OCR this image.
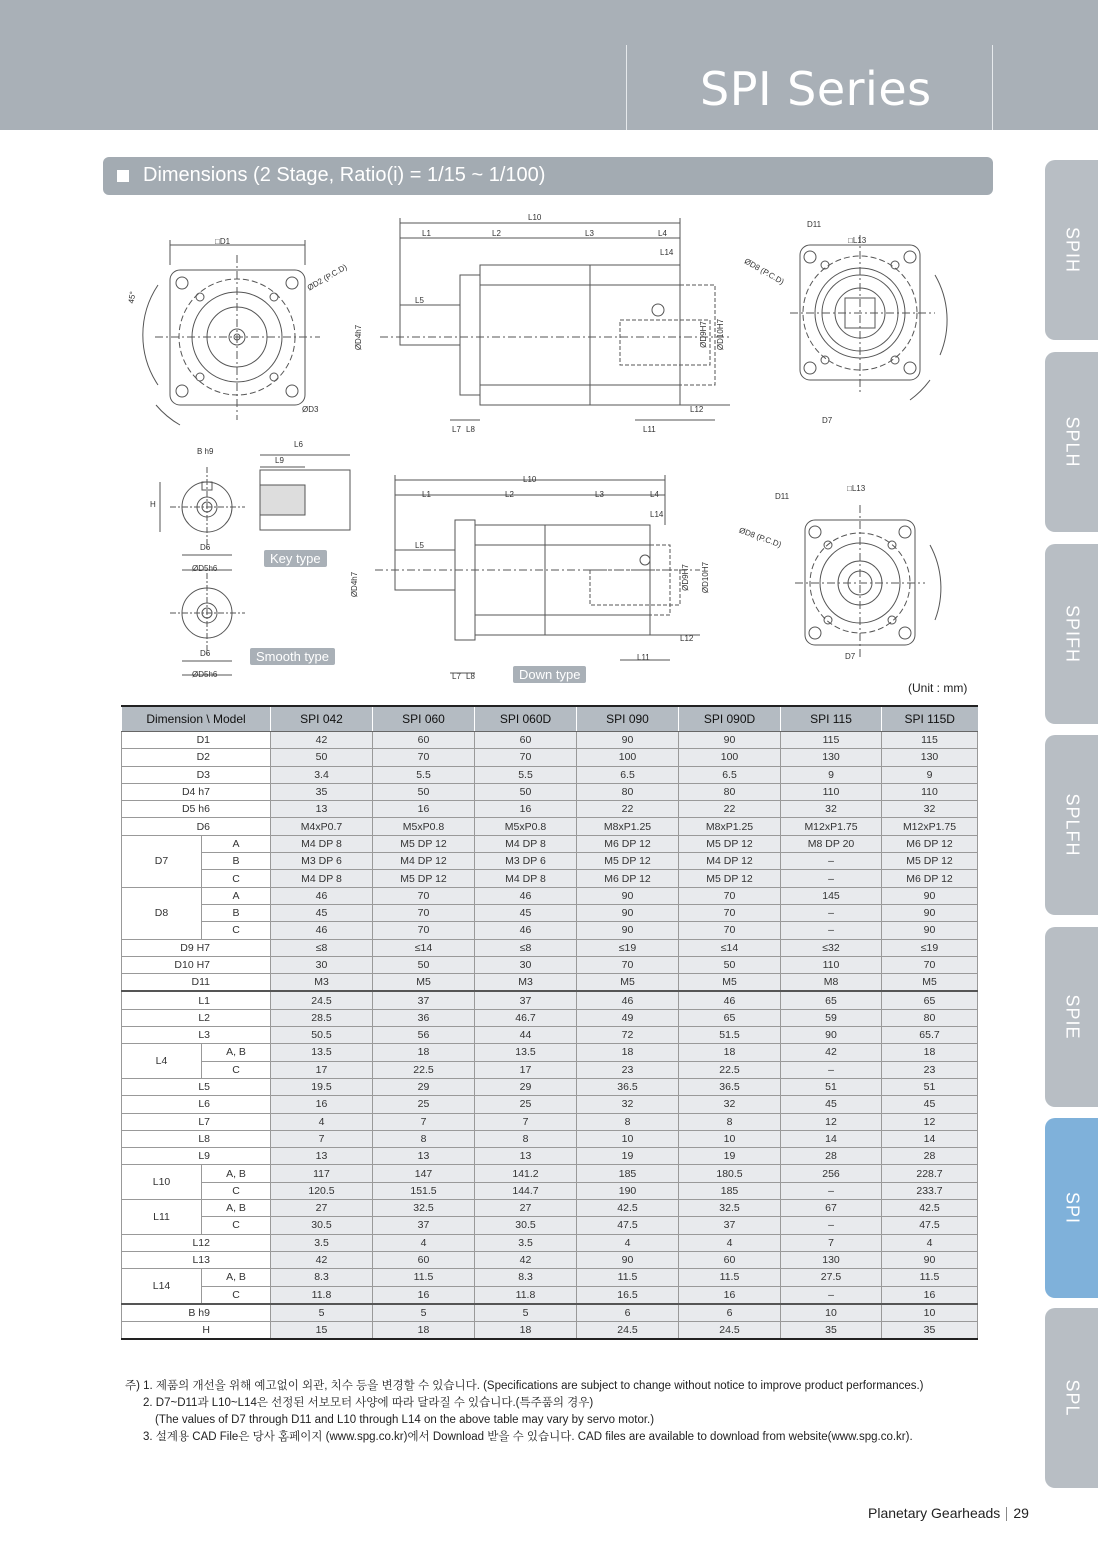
SPI Series
Dimensions (2 Stage, Ratio(i) = 1/15 ~ 1/100)
SPIH
SPLH
SPIFH
SPLFH
SPIE
SPI
SPL
□D1
ØD2 (P.C.D)
ØD3
45°
L10
L1	L2	L3	L4
L14
L5
ØD4h7	ØD9H7 ØD10H7
L12
L7 L8	L11
D11
□L13
ØD8 (P.C.D)
D7
B h9
H
D6
ØD5h6
L6
L9
Key type
D6
ØD5h6
Smooth type
L10
L1	L2	L3	L4
L14
L5
ØD4h7	ØD9H7 ØD10H7
L12
L7 L8
L11
Down type
D11
□L13
ØD8 (P.C.D)
D7
(Unit : mm)
Dimension \ Model		SPI 042	SPI 060	SPI 060D	SPI 090	SPI 090D	SPI 115	SPI 115D
D1		42	60	60	90	90	115	115
D2		50	70	70	100	100	130	130
D3		3.4	5.5	5.5	6.5	6.5	9	9
D4 h7		35	50	50	80	80	110	110
D5 h6		13	16	16	22	22	32	32
D6		M4xP0.7	M5xP0.8	M5xP0.8	M8xP1.25	M8xP1.25	M12xP1.75	M12xP1.75
D7	A	M4 DP 8	M5 DP 12	M4 DP 8	M6 DP 12	M5 DP 12	M8 DP 20	M6 DP 12
	B	M3 DP 6	M4 DP 12	M3 DP 6	M5 DP 12	M4 DP 12	–	M5 DP 12
	C	M4 DP 8	M5 DP 12	M4 DP 8	M6 DP 12	M5 DP 12	–	M6 DP 12
D8	A	46	70	46	90	70	145	90
	B	45	70	45	90	70	–	90
	C	46	70	46	90	70	–	90
D9 H7		≤8	≤14	≤8	≤19	≤14	≤32	≤19
D10 H7		30	50	30	70	50	110	70
D11		M3	M5	M3	M5	M5	M8	M5
L1		24.5	37	37	46	46	65	65
L2		28.5	36	46.7	49	65	59	80
L3		50.5	56	44	72	51.5	90	65.7
L4	A, B	13.5	18	13.5	18	18	42	18
	C	17	22.5	17	23	22.5	–	23
L5		19.5	29	29	36.5	36.5	51	51
L6		16	25	25	32	32	45	45
L7		4	7	7	8	8	12	12
L8		7	8	8	10	10	14	14
L9		13	13	13	19	19	28	28
L10	A, B	117	147	141.2	185	180.5	256	228.7
	C	120.5	151.5	144.7	190	185	–	233.7
L11	A, B	27	32.5	27	42.5	32.5	67	42.5
	C	30.5	37	30.5	47.5	37	–	47.5
L12		3.5	4	3.5	4	4	7	4
L13		42	60	42	90	60	130	90
L14	A, B	8.3	11.5	8.3	11.5	11.5	27.5	11.5
	C	11.8	16	11.8	16.5	16	–	16
B h9		5	5	5	6	6	10	10
H		15	18	18	24.5	24.5	35	35
주) 1. 제품의 개선을 위해 예고없이 외관, 치수 등을 변경할 수 있습니다. (Specifications are subject to change without notice to improve product performances.)
2. D7~D11과 L10~L14은 선정된 서보모터 사양에 따라 달라질 수 있습니다.(특주품의 경우)
(The values of D7 through D11 and L10 through L14 on the above table may vary by servo motor.)
3. 설계용 CAD File은 당사 홈페이지 (www.spg.co.kr)에서 Download 받을 수 있습니다. CAD files are available to download from website(www.spg.co.kr).
Planetary Gearheads 29
